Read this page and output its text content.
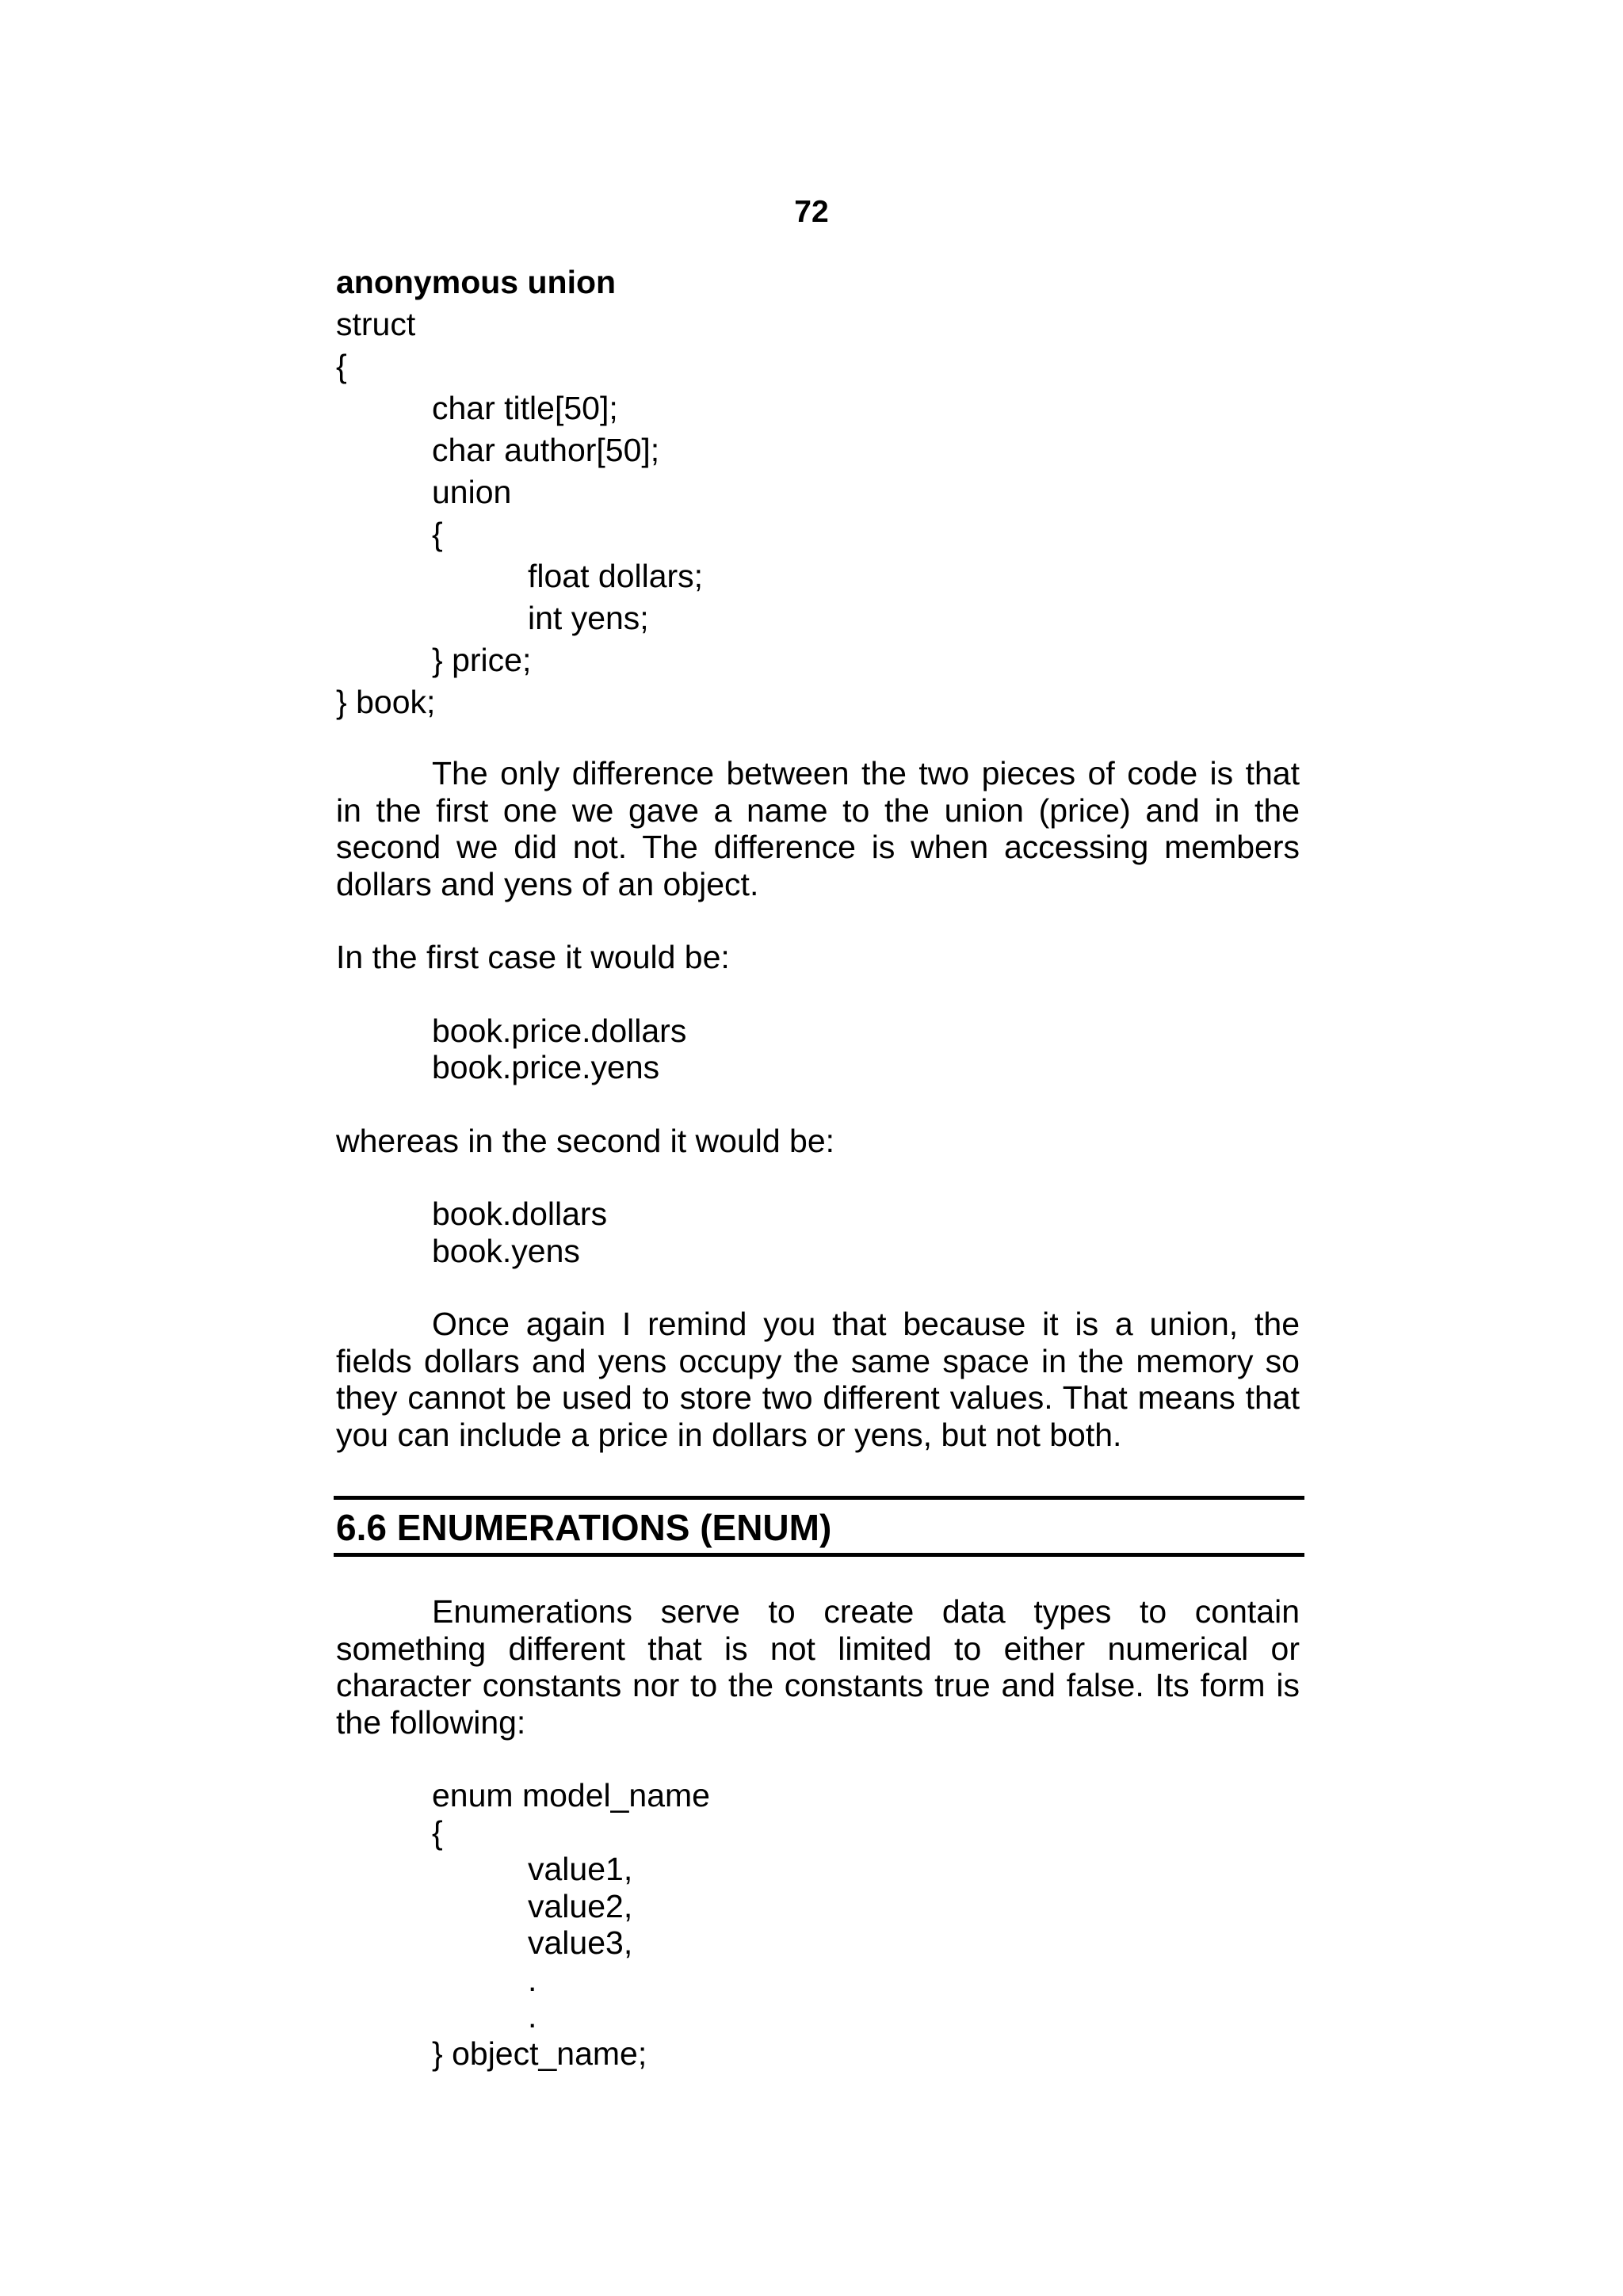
72

anonymous union

struct

{

char title[50];

char author[50];

union

{

float dollars;

int yens;

} price;

} book;

The only difference between the two pieces of code is that in the first one we gave a name to the union (price) and in the second we did not. The difference is when accessing members dollars and yens of an object.

In the first case it would be:

book.price.dollars

book.price.yens

whereas in the second it would be:

book.dollars

book.yens

Once again I remind you that because it is a union, the fields dollars and yens occupy the same space in the memory so they cannot be used to store two different values. That means that you can include a price in dollars or yens, but not both.

6.6 ENUMERATIONS (ENUM)

Enumerations serve to create data types to contain something different that is not limited to either numerical or character constants nor to the constants true and false. Its form is the following:

enum model_name

{

value1,

value2,

value3,

.

.

} object_name;
